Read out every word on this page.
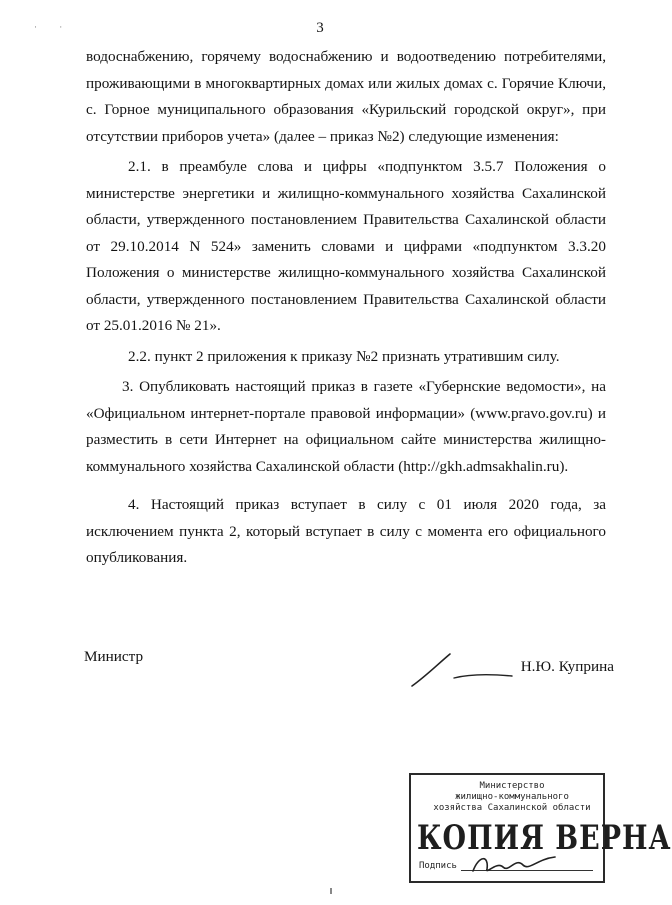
3
· ·

водоснабжению, горячему водоснабжению и водоотведению потребителями, проживающими в многоквартирных домах или жилых домах с. Горячие Ключи, с. Горное муниципального образования «Курильский городской округ», при отсутствии приборов учета» (далее – приказ №2) следующие изменения:

2.1. в преамбуле слова и цифры «подпунктом 3.5.7 Положения о министерстве энергетики и жилищно-коммунального хозяйства Сахалинской области, утвержденного постановлением Правительства Сахалинской области от 29.10.2014 N 524» заменить словами и цифрами «подпунктом 3.3.20 Положения о министерстве жилищно-коммунального хозяйства Сахалинской области, утвержденного постановлением Правительства Сахалинской области от 25.01.2016 № 21».

2.2. пункт 2 приложения к приказу №2 признать утратившим силу.

3. Опубликовать настоящий приказ в газете «Губернские ведомости», на «Официальном интернет-портале правовой информации» (www.pravo.gov.ru) и разместить в сети Интернет на официальном сайте министерства жилищно-коммунального хозяйства Сахалинской области (http://gkh.admsakhalin.ru).

4. Настоящий приказ вступает в силу с 01 июля 2020 года, за исключением пункта 2, который вступает в силу с момента его официального опубликования.

Министр
Н.Ю. Куприна
Министерство
жилищно-коммунального
хозяйства Сахалинской области
КОПИЯ ВЕРНА
Подпись
